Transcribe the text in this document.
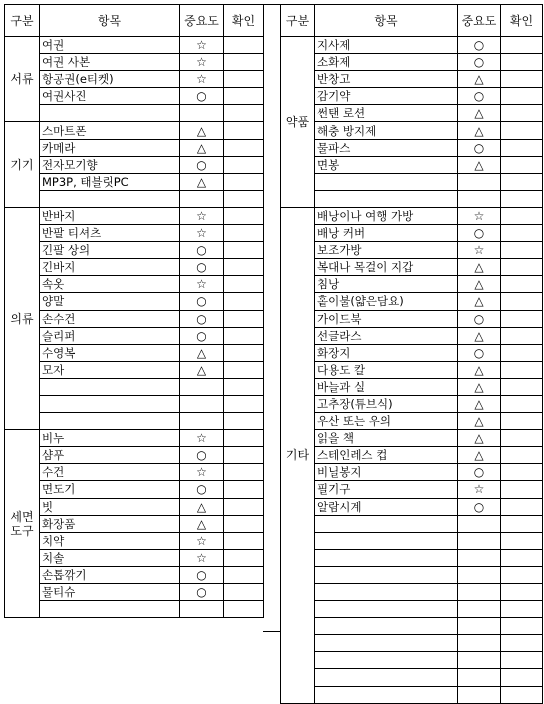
구분	항목	중요도	확인
서류	여권	☆	
	여권 사본	☆	
	항공권(e티켓)	☆	
	여권사진	○	

기기	스마트폰	△	
	카메라	△	
	전자모기향	○	
	MP3P, 태블릿PC	△	

의류	반바지	☆	
	반팔 티셔츠	☆	
	긴팔 상의	○	
	긴바지	○	
	속옷	☆	
	양말	○	
	손수건	○	
	슬리퍼	○	
	수영복	△	
	모자	△	

세면 도구	비누	☆	
	샴푸	○	
	수건	☆	
	면도기	○	
	빗	△	
	화장품	△	
	치약	☆	
	치솔	☆	
	손톱깎기	○	
	물티슈	○	

구분	항목	중요도	확인
약품	지사제	○	
	소화제	○	
	반창고	△	
	감기약	○	
	썬탠 로션	△	
	해충 방지제	△	
	물파스	○	
	면봉	△	

기타	배낭이나 여행 가방	☆	
	배낭 커버	○	
	보조가방	☆	
	복대나 목걸이 지갑	△	
	침낭	△	
	홑이불(얇은담요)	△	
	가이드북	○	
	선글라스	△	
	화장지	○	
	다용도 칼	△	
	바늘과 실	△	
	고추장(튜브식)	△	
	우산 또는 우의	△	
	읽을 책	△	
	스테인레스 컵	△	
	비닐봉지	○	
	필기구	☆	
	알람시계	○	
